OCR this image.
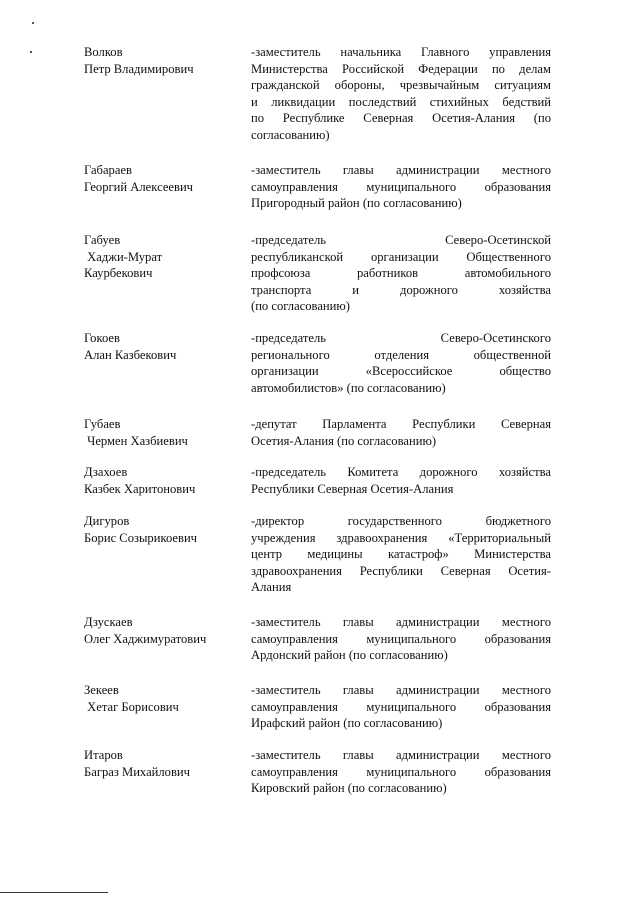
Волков
Петр Владимирович
-заместитель начальника Главного управления
Министерства Российской Федерации по делам
гражданской обороны, чрезвычайным ситуациям
и ликвидации последствий стихийных бедствий
по Республике Северная Осетия-Алания (по
согласованию)
Габараев
Георгий Алексеевич
-заместитель главы администрации местного
самоуправления муниципального образования
Пригородный район (по согласованию)
Габуев
Хаджи-Мурат
Каурбекович
-председатель Северо-Осетинской
республиканской организации Общественного
профсоюза работников автомобильного
транспорта и дорожного хозяйства
(по согласованию)
Гокоев
Алан Казбекович
-председатель Северо-Осетинского
регионального отделения общественной
организации «Всероссийское общество
автомобилистов» (по согласованию)
Губаев
Чермен Хазбиевич
-депутат Парламента Республики Северная
Осетия-Алания (по согласованию)
Дзахоев
Казбек Харитонович
-председатель Комитета дорожного хозяйства
Республики Северная Осетия-Алания
Дигуров
Борис Созырикоевич
-директор государственного бюджетного
учреждения здравоохранения «Территориальный
центр медицины катастроф» Министерства
здравоохранения Республики Северная Осетия-
Алания
Дзускаев
Олег Хаджимуратович
-заместитель главы администрации местного
самоуправления муниципального образования
Ардонский район (по согласованию)
Зекеев
Хетаг Борисович
-заместитель главы администрации местного
самоуправления муниципального образования
Ирафский район (по согласованию)
Итаров
Баграз Михайлович
-заместитель главы администрации местного
самоуправления муниципального образования
Кировский район (по согласованию)
